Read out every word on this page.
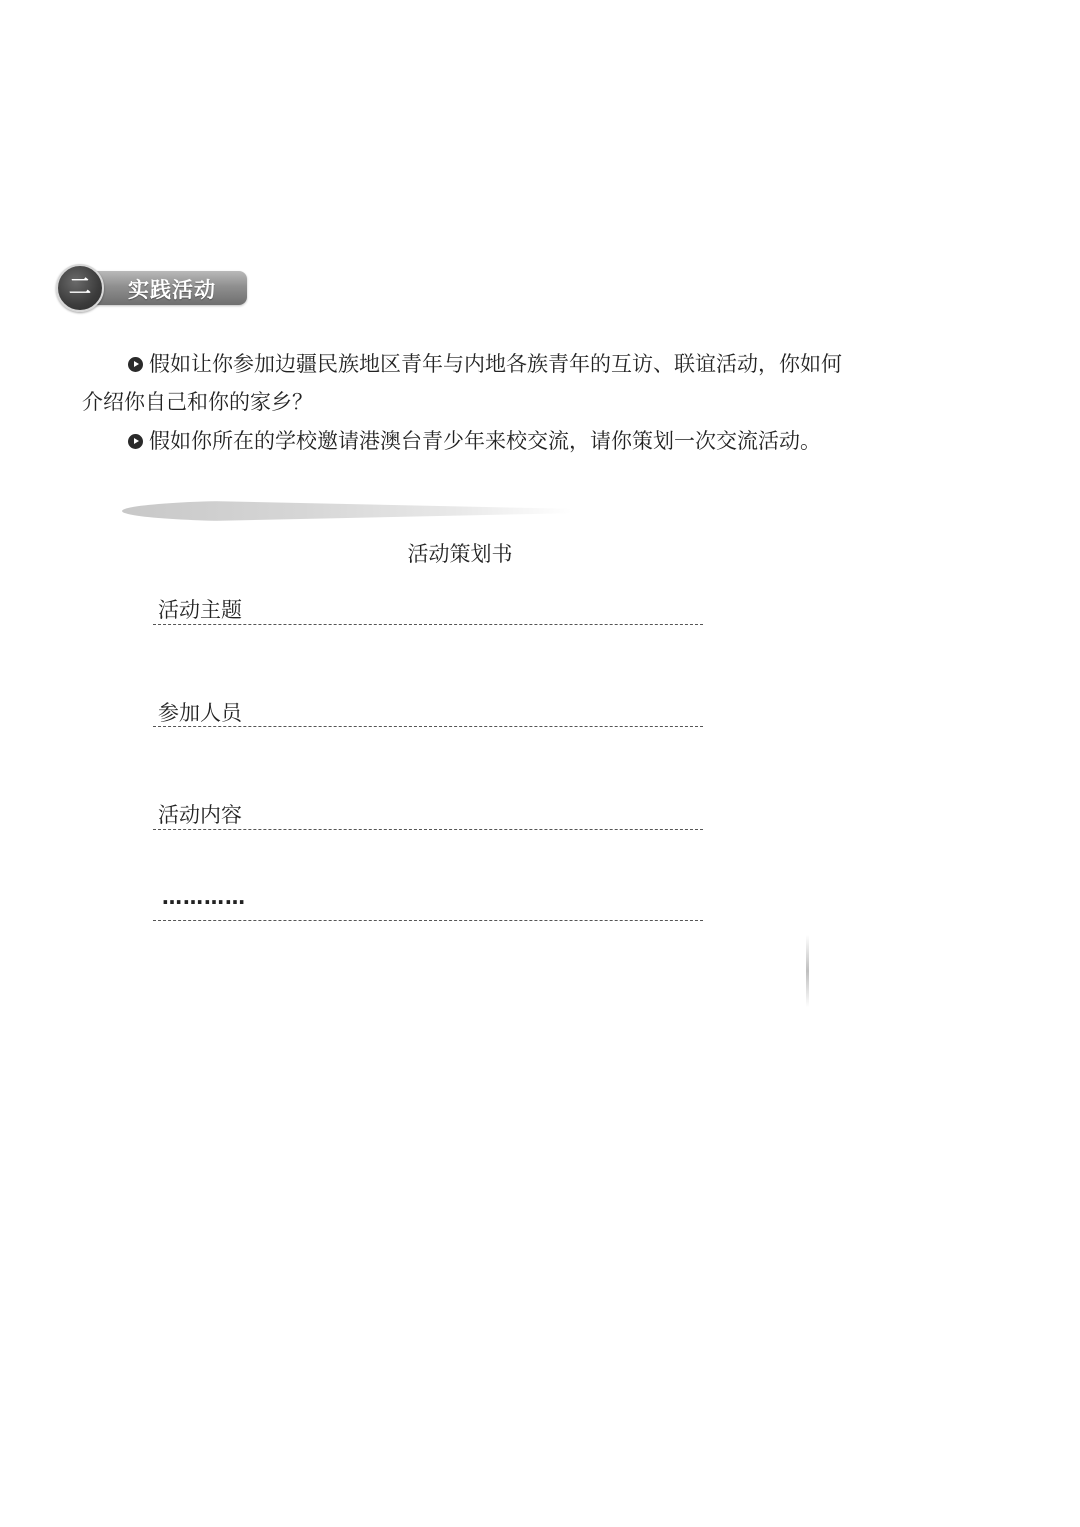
实践活动
二

假如让你参加边疆民族地区青年与内地各族青年的互访、联谊活动，你如何介绍你自己和你的家乡？

假如你所在的学校邀请港澳台青少年来校交流，请你策划一次交流活动。

活动策划书
活动主题
参加人员
活动内容
…………
